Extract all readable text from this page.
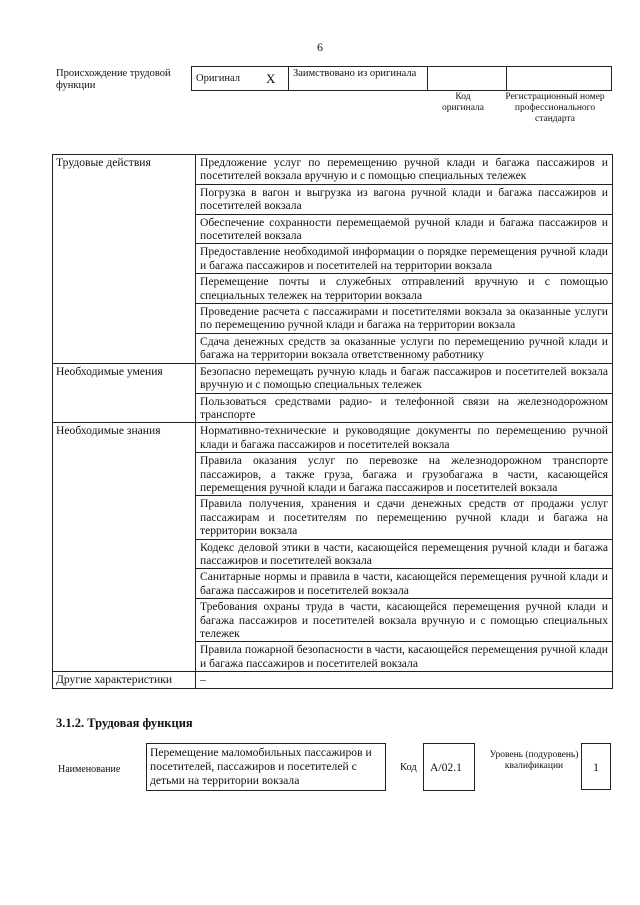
6
Происхождение трудовой функции
Оригинал	X	Заимствовано из оригинала		
Код оригинала
Регистрационный номер профессионального стандарта
Трудовые действия	Предложение услуг по перемещению ручной клади и багажа пассажиров и посетителей вокзала вручную и с помощью специальных тележек
	Погрузка в вагон и выгрузка из вагона ручной клади и багажа пассажиров и посетителей вокзала
	Обеспечение сохранности перемещаемой ручной клади и багажа пассажиров и посетителей вокзала
	Предоставление необходимой информации о порядке перемещения ручной клади и багажа пассажиров и посетителей на территории вокзала
	Перемещение почты и служебных отправлений вручную и с помощью специальных тележек на территории вокзала
	Проведение расчета с пассажирами и посетителями вокзала за оказанные услуги по перемещению ручной клади и багажа на территории вокзала
	Сдача денежных средств за оказанные услуги по перемещению ручной клади и багажа на территории вокзала ответственному работнику
Необходимые умения	Безопасно перемещать ручную кладь и багаж пассажиров и посетителей вокзала вручную и с помощью специальных тележек
	Пользоваться средствами радио- и телефонной связи на железнодорожном транспорте
Необходимые знания	Нормативно-технические и руководящие документы по перемещению ручной клади и багажа пассажиров и посетителей вокзала
	Правила оказания услуг по перевозке на железнодорожном транспорте пассажиров, а также груза, багажа и грузобагажа в части, касающейся перемещения ручной клади и багажа пассажиров и посетителей вокзала
	Правила получения, хранения и сдачи денежных средств от продажи услуг пассажирам и посетителям по перемещению ручной клади и багажа на территории вокзала
	Кодекс деловой этики в части, касающейся перемещения ручной клади и багажа пассажиров и посетителей вокзала
	Санитарные нормы и правила в части, касающейся перемещения ручной клади и багажа пассажиров и посетителей вокзала
	Требования охраны труда в части, касающейся перемещения ручной клади и багажа пассажиров и посетителей вокзала вручную и с помощью специальных тележек
	Правила пожарной безопасности в части, касающейся перемещения ручной клади и багажа пассажиров и посетителей вокзала
Другие характеристики	–
3.1.2. Трудовая функция
Наименование
Перемещение маломобильных пассажиров и посетителей, пассажиров и посетителей с детьми на территории вокзала
Код	A/02.1
Уровень (подуровень) квалификации	1
